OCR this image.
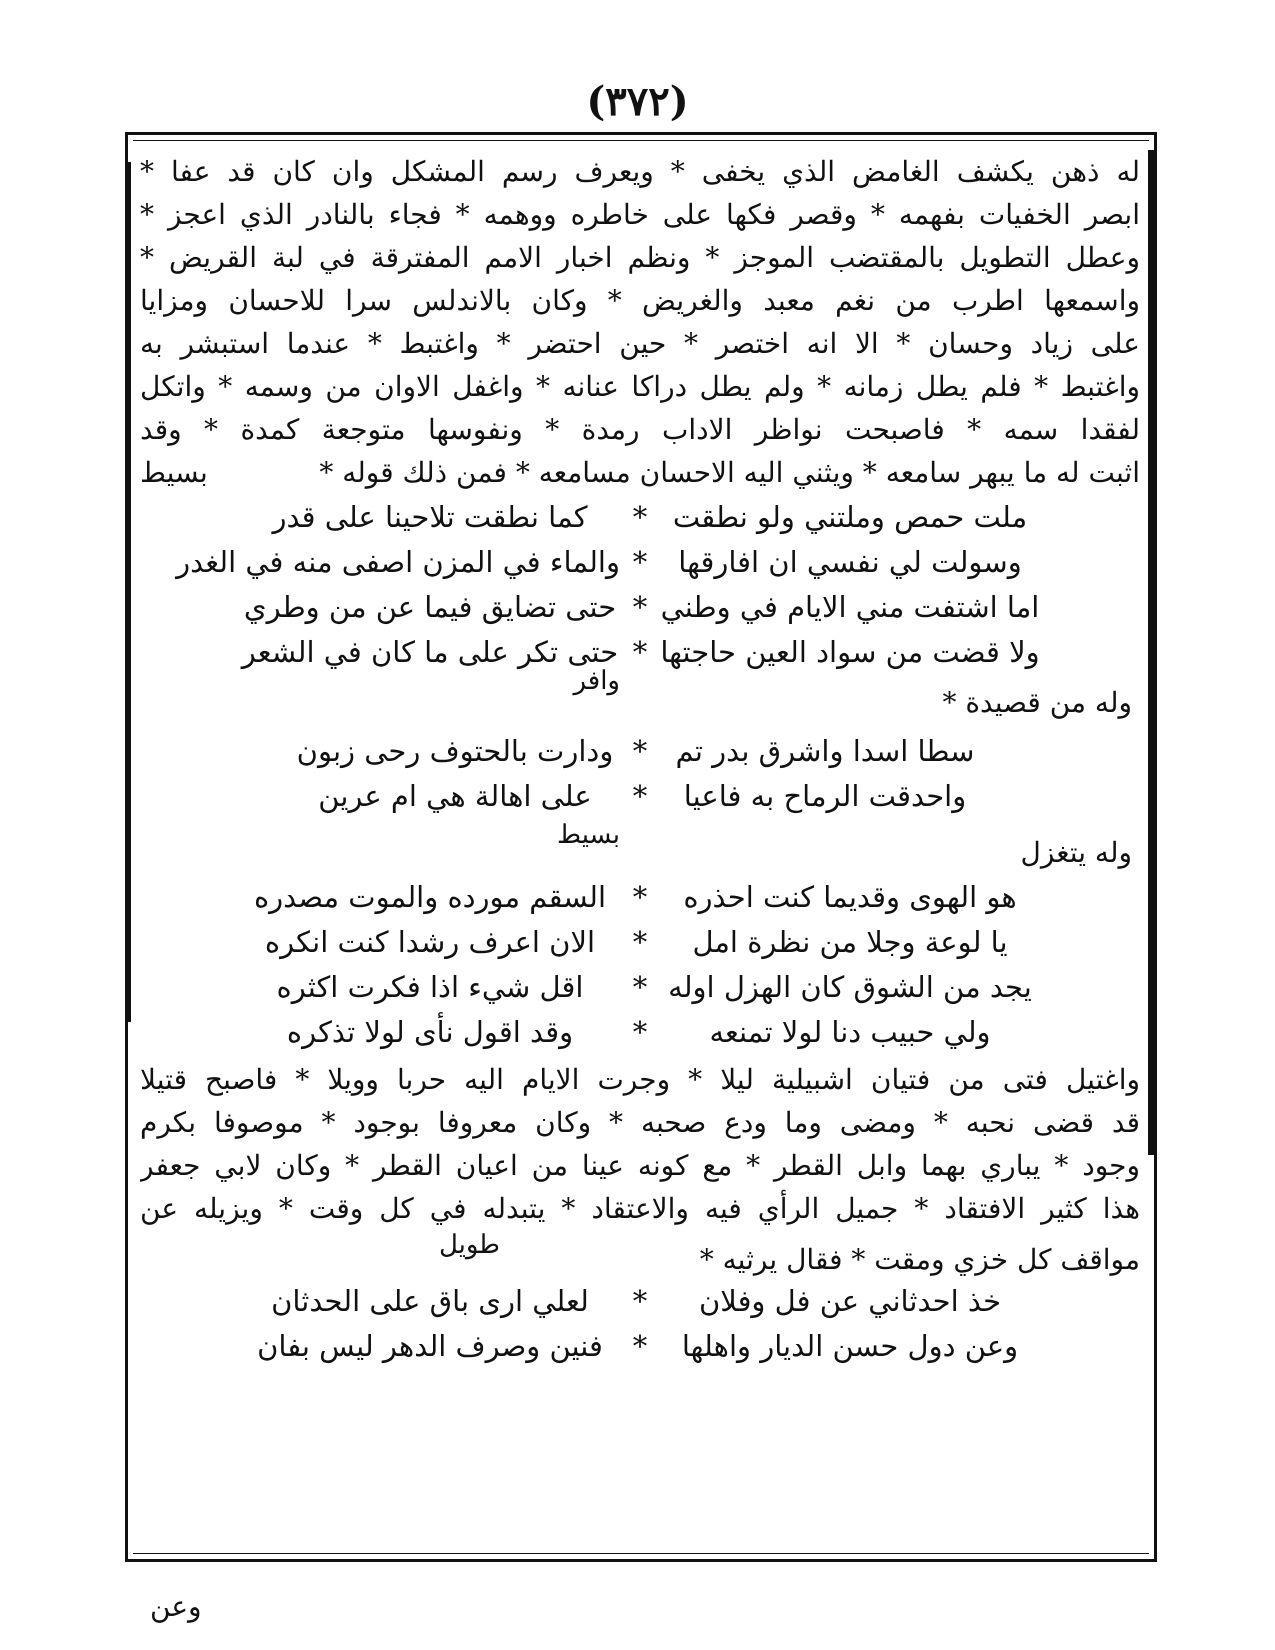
(٣٧٢)
له ذهن يكشف الغامض الذي يخفى * ويعرف رسم المشكل وان كان قد عفا *
ابصر الخفيات بفهمه * وقصر فكها على خاطره ووهمه * فجاء بالنادر الذي اعجز *
وعطل التطويل بالمقتضب الموجز * ونظم اخبار الامم المفترقة في لبة القريض *
واسمعها اطرب من نغم معبد والغريض * وكان بالاندلس سرا للاحسان ومزايا
على زياد وحسان * الا انه اختصر * حين احتضر * واغتبط * عندما استبشر به
واغتبط * فلم يطل زمانه * ولم يطل دراكا عنانه * واغفل الاوان من وسمه * واتكل
لفقدا سمه * فاصبحت نواظر الاداب رمدة * ونفوسها متوجعة كمدة * وقد
اثبت له ما يبهر سامعه * ويثني اليه الاحسان مسامعه * فمن ذلك قوله *
بسيط
ملت حمص وملتني ولو نطقت
*
كما نطقت تلاحينا على قدر
وسولت لي نفسي ان افارقها
*
والماء في المزن اصفى منه في الغدر
اما اشتفت مني الايام في وطني
*
حتى تضايق فيما عن من وطري
ولا قضت من سواد العين حاجتها
*
حتى تكر على ما كان في الشعر
وله من قصيدة *
وافر
سطا اسدا واشرق بدر تم
*
ودارت بالحتوف رحى زبون
واحدقت الرماح به فاعيا
*
على اهالة هي ام عرين
وله يتغزل
بسيط
هو الهوى وقديما كنت احذره
*
السقم مورده والموت مصدره
يا لوعة وجلا من نظرة امل
*
الان اعرف رشدا كنت انكره
يجد من الشوق كان الهزل اوله
*
اقل شيء اذا فكرت اكثره
ولي حبيب دنا لولا تمنعه
*
وقد اقول نأى لولا تذكره
واغتيل فتى من فتيان اشبيلية ليلا * وجرت الايام اليه حربا وويلا * فاصبح قتيلا
قد قضى نحبه * ومضى وما ودع صحبه * وكان معروفا بوجود * موصوفا بكرم
وجود * يباري بهما وابل القطر * مع كونه عينا من اعيان القطر * وكان لابي جعفر
هذا كثير الافتقاد * جميل الرأي فيه والاعتقاد * يتبدله في كل وقت * ويزيله عن
مواقف كل خزي ومقت * فقال يرثيه *
طويل
خذ احدثاني عن فل وفلان
*
لعلي ارى باق على الحدثان
وعن دول حسن الديار واهلها
*
فنين وصرف الدهر ليس بفان
وعن
